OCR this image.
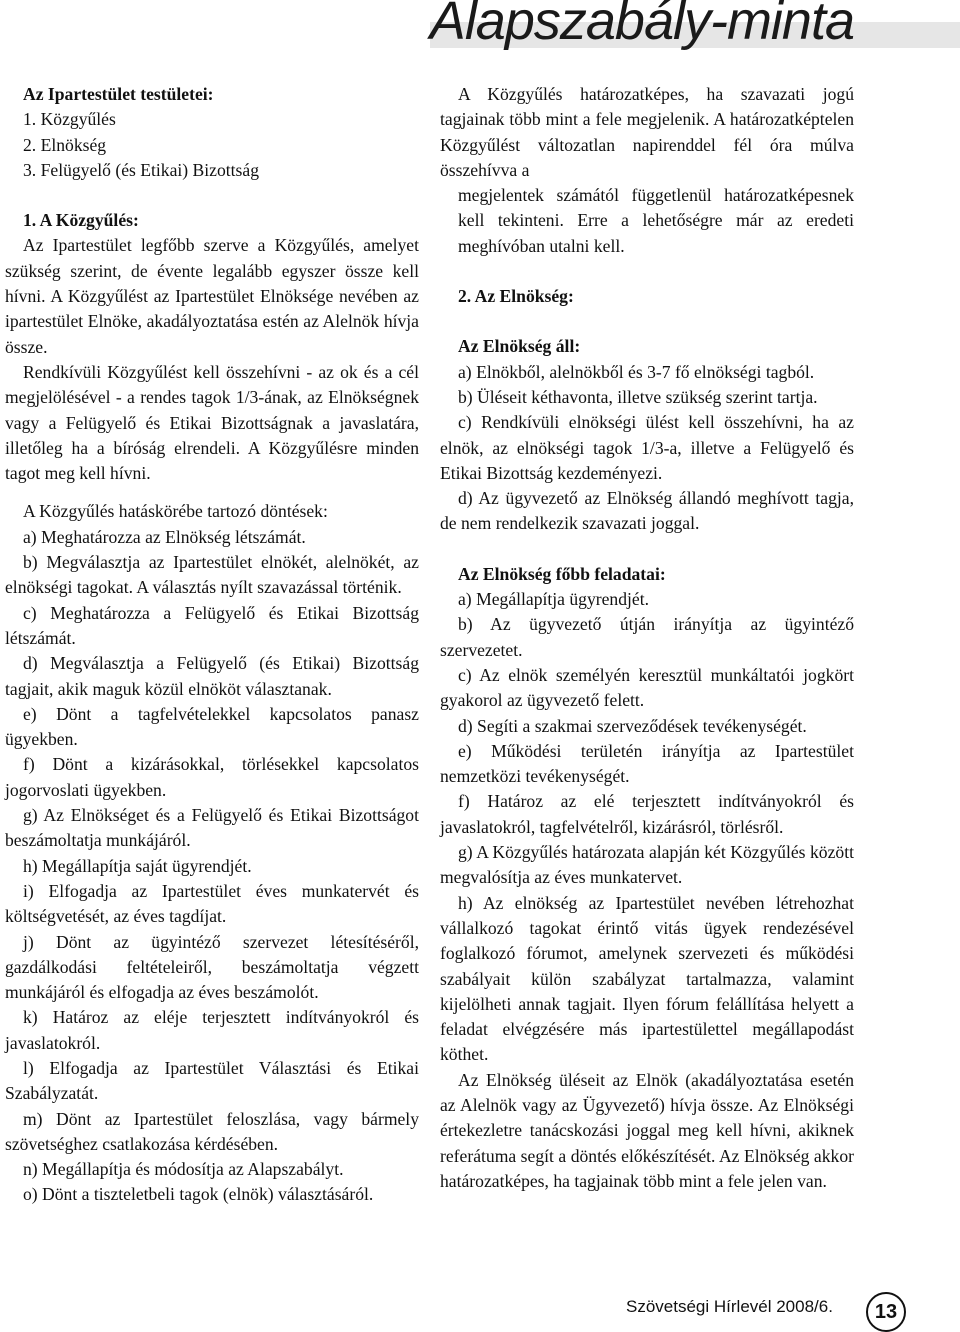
Alapszabály-minta

Az Ipartestület testületei:

1. Közgyűlés

2. Elnökség

3. Felügyelő (és Etikai) Bizottság

1. A Közgyűlés:

Az Ipartestület legfőbb szerve a Közgyűlés, amelyet szükség szerint, de évente legalább egyszer össze kell hívni. A Közgyűlést az Ipartestület Elnöksége nevében az ipartestület Elnöke, akadályoztatása estén az Alelnök hívja össze.

Rendkívüli Közgyűlést kell összehívni - az ok és a cél megjelölésével - a rendes tagok 1/3-ának, az Elnökségnek vagy a Felügyelő és Etikai Bizottságnak a javaslatára, illetőleg ha a bíróság elrendeli. A Közgyűlésre minden tagot meg kell hívni.

A Közgyűlés hatáskörébe tartozó döntések:

a) Meghatározza az Elnökség létszámát.

b) Megválasztja az Ipartestület elnökét, alelnökét, az elnökségi tagokat. A választás nyílt szavazással történik.

c) Meghatározza a Felügyelő és Etikai Bizottság létszámát.

d) Megválasztja a Felügyelő (és Etikai) Bizottság tagjait, akik maguk közül elnököt választanak.

e) Dönt a tagfelvételekkel kapcsolatos panasz ügyekben.

f) Dönt a kizárásokkal, törlésekkel kapcsolatos jogorvoslati ügyekben.

g) Az Elnökséget és a Felügyelő és Etikai Bizottságot beszámoltatja munkájáról.

h) Megállapítja saját ügyrendjét.

i) Elfogadja az Ipartestület éves munkatervét és költségvetését, az éves tagdíjat.

j) Dönt az ügyintéző szervezet létesítéséről, gazdálkodási feltételeiről, beszámoltatja végzett munkájáról és elfogadja az éves beszámolót.

k) Határoz az eléje terjesztett indítványokról és javaslatokról.

l) Elfogadja az Ipartestület Választási és Etikai Szabályzatát.

m) Dönt az Ipartestület feloszlása, vagy bármely szövetséghez csatlakozása kérdésében.

n) Megállapítja és módosítja az Alapszabályt.

o) Dönt a tiszteletbeli tagok (elnök) választásáról.

A Közgyűlés határozatképes, ha szavazati jogú tagjainak több mint a fele megjelenik. A határozatképtelen Közgyűlést változatlan napirenddel fél óra múlva összehívva a

megjelentek számától függetlenül határozatképesnek kell tekinteni. Erre a lehetőségre már az eredeti meghívóban utalni kell.

2. Az Elnökség:

Az Elnökség áll:

a) Elnökből, alelnökből és 3-7 fő elnökségi tagból.

b) Üléseit kéthavonta, illetve szükség szerint tartja.

c) Rendkívüli elnökségi ülést kell összehívni, ha az elnök, az elnökségi tagok 1/3-a, illetve a Felügyelő és Etikai Bizottság kezdeményezi.

d) Az ügyvezető az Elnökség állandó meghívott tagja, de nem rendelkezik szavazati joggal.

Az Elnökség főbb feladatai:

a) Megállapítja ügyrendjét.

b) Az ügyvezető útján irányítja az ügyintéző szervezetet.

c) Az elnök személyén keresztül munkáltatói jogkört gyakorol az ügyvezető felett.

d) Segíti a szakmai szerveződések tevékenységét.

e) Működési területén irányítja az Ipartestület nemzetközi tevékenységét.

f) Határoz az elé terjesztett indítványokról és javaslatokról, tagfelvételről, kizárásról, törlésről.

g) A Közgyűlés határozata alapján két Közgyűlés között megvalósítja az éves munkatervet.

h) Az elnökség az Ipartestület nevében létrehozhat vállalkozó tagokat érintő vitás ügyek rendezésével foglalkozó fórumot, amelynek szervezeti és működési szabályait külön szabályzat tartalmazza, valamint kijelölheti annak tagjait. Ilyen fórum felállítása helyett a feladat elvégzésére más ipartestülettel megállapodást köthet.

Az Elnökség üléseit az Elnök (akadályoztatása esetén az Alelnök vagy az Ügyvezető) hívja össze. Az Elnökségi értekezletre tanácskozási joggal meg kell hívni, akiknek referátuma segít a döntés előkészítését. Az Elnökség akkor határozatképes, ha tagjainak több mint a fele jelen van.

Szövetségi Hírlevél 2008/6.	13
